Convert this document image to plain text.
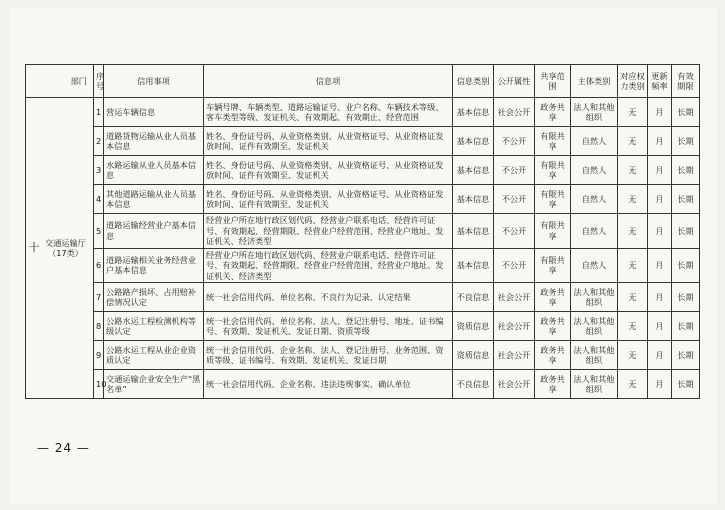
部门	序号	信用事项	信息项	信息类别	公开属性	共享范围	主体类别	对应权力类别	更新频率	有效期限

十 交通运输厅（17类）	1	营运车辆信息	车辆号牌、车辆类型、道路运输证号、业户名称、车辆技术等级、客车类型等级、发证机关、有效期起、有效期止、经营范围	基本信息	社会公开	政务共享	法人和其他组织	无	月	长期
	2	道路货物运输从业人员基本信息	姓名、身份证号码、从业资格类别、从业资格证号、从业资格证发放时间、证件有效期至、发证机关	基本信息	不公开	有限共享	自然人	无	月	长期
	3	水路运输从业人员基本信息	姓名、身份证号码、从业资格类别、从业资格证号、从业资格证发放时间、证件有效期至、发证机关	基本信息	不公开	有限共享	自然人	无	月	长期
	4	其他道路运输从业人员基本信息	姓名、身份证号码、从业资格类别、从业资格证号、从业资格证发放时间、证件有效期至、发证机关	基本信息	不公开	有限共享	自然人	无	月	长期
	5	道路运输经营业户基本信息	经营业户所在地行政区划代码、经营业户联系电话、经营许可证号、有效期起、经营期限、经营业户经营范围、经营业户地址、发证机关、经济类型	基本信息	不公开	有限共享	自然人	无	月	长期
	6	道路运输相关业务经营业户基本信息	经营业户所在地行政区划代码、经营业户联系电话、经营许可证号、有效期起、经营期限、经营业户经营范围、经营业户地址、发证机关、经济类型	基本信息	不公开	有限共享	自然人	无	月	长期
	7	公路路产损坏、占用赔补偿情况认定	统一社会信用代码、单位名称、不良行为记录、认定结果	不良信息	社会公开	政务共享	法人和其他组织	无	月	长期
	8	公路水运工程检测机构等级认定	统一社会信用代码、单位名称、法人、登记注册号、地址、证书编号、有效期、发证机关、发证日期、资质等级	资质信息	社会公开	政务共享	法人和其他组织	无	月	长期
	9	公路水运工程从业企业资质认定	统一社会信用代码、企业名称、法人、登记注册号、业务范围、资质等级、证书编号、有效期、发证机关、发证日期	资质信息	社会公开	政务共享	法人和其他组织	无	月	长期
	10	交通运输企业安全生产“黑名单”	统一社会信用代码、企业名称、违法违规事实、确认单位	不良信息	社会公开	政务共享	法人和其他组织	无	月	长期
— 24 —
